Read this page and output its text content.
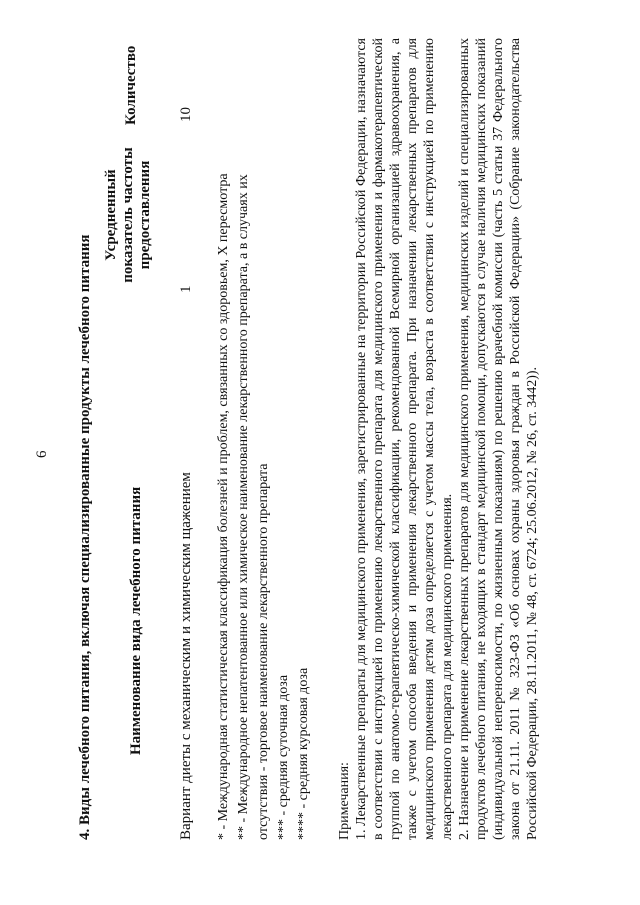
6 4. Виды лечебного питания, включая специализированные продукты лечебного питания Наименование вида лечебного питания
Усредненный показатель частоты предоставления
Количество
Вариант диеты с механическим и химическим щажением
1
10
* - Международная статистическая классификация болезней и проблем, связанных со здоровьем, X пересмотра ** - Международное непатентованное или химическое наименование лекарственного препарата, а в случаях их отсутствия - торговое наименование лекарственного препарата *** - средняя суточная доза **** - средняя курсовая доза Примечания: 1. Лекарственные препараты для медицинского применения, зарегистрированные на территории Российской Федерации, назначаются в соответствии с инструкцией по применению лекарственного препарата для медицинского применения и фармакотерапевтической группой по анатомо-терапевтическо-химической классификации, рекомендованной Всемирной организацией здравоохранения, а также с учетом способа введения и применения лекарственного препарата. При назначении лекарственных препаратов для медицинского применения детям доза определяется с учетом массы тела, возраста в соответствии с инструкцией по применению лекарственного препарата для медицинского применения. 2. Назначение и применение лекарственных препаратов для медицинского применения, медицинских изделий и специализированных продуктов лечебного питания, не входящих в стандарт медицинской помощи, допускаются в случае наличия медицинских показаний (индивидуальной непереносимости, по жизненным показаниям) по решению врачебной комиссии (часть 5 статьи 37 Федерального закона от 21.11. 2011 № 323-ФЗ «Об основах охраны здоровья граждан в Российской Федерации» (Собрание законодательства Российской Федерации, 28.11.2011, № 48, ст. 6724; 25.06.2012, № 26, ст. 3442)).
